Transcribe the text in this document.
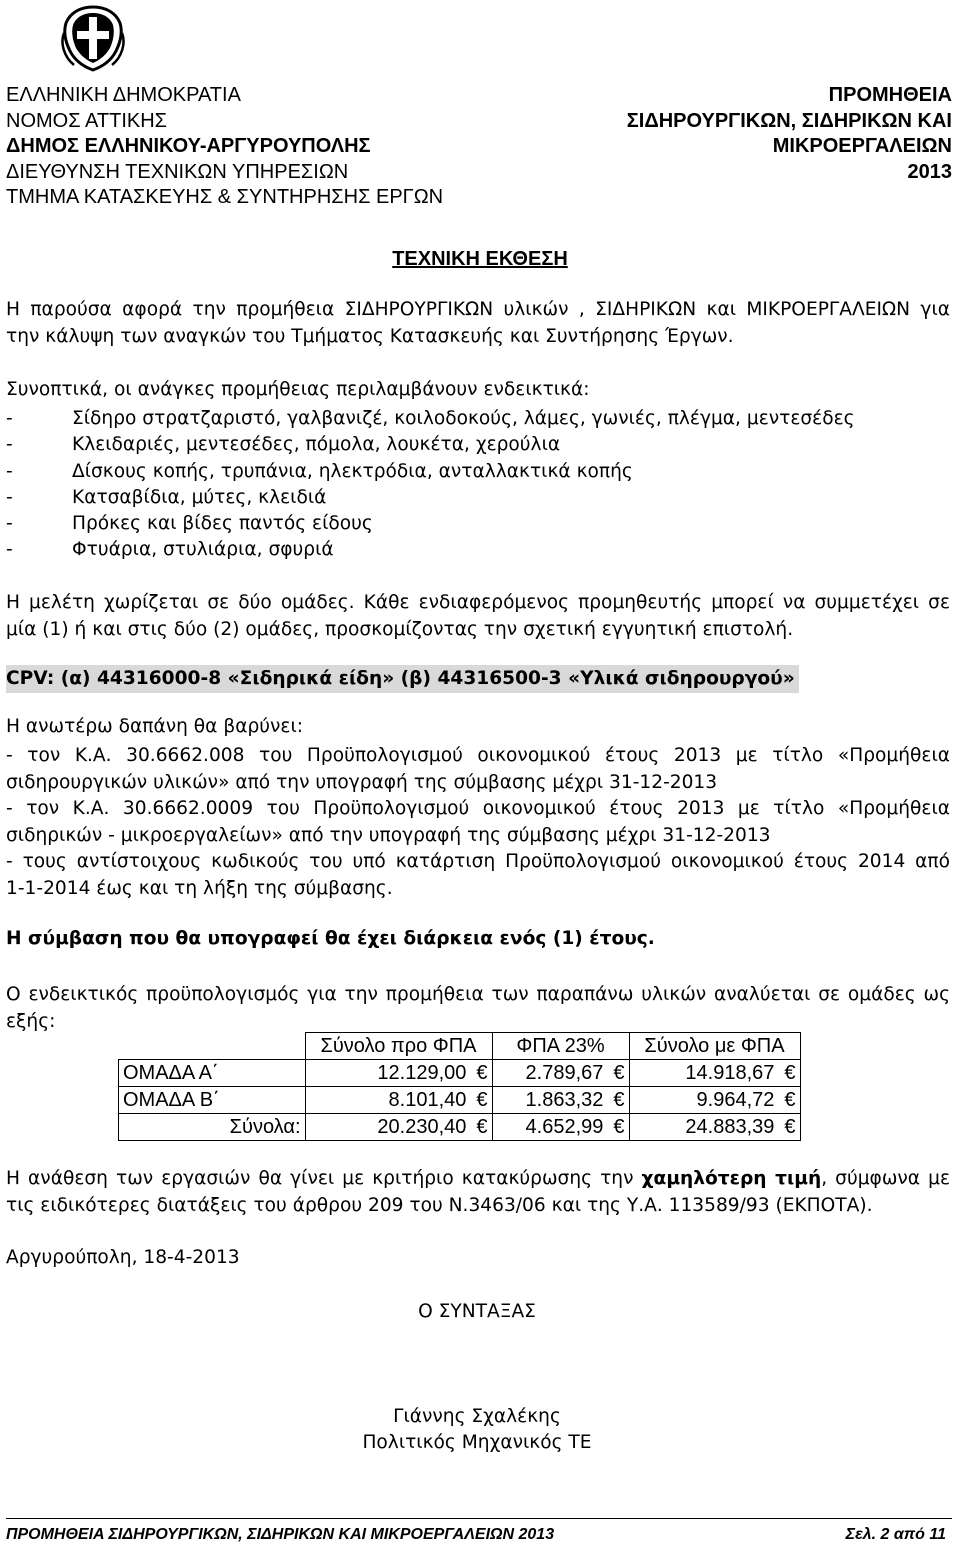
ΕΛΛΗΝΙΚΗ ΔΗΜΟΚΡΑΤΙΑ
ΝΟΜΟΣ ΑΤΤΙΚΗΣ
ΔΗΜΟΣ ΕΛΛΗΝΙΚΟΥ-ΑΡΓΥΡΟΥΠΟΛΗΣ
ΔΙΕΥΘΥΝΣΗ ΤΕΧΝΙΚΩΝ ΥΠΗΡΕΣΙΩΝ
ΤΜΗΜΑ ΚΑΤΑΣΚΕΥΗΣ & ΣΥΝΤΗΡΗΣΗΣ ΕΡΓΩΝ
ΠΡΟΜΗΘΕΙΑ
ΣΙΔΗΡΟΥΡΓΙΚΩΝ, ΣΙΔΗΡΙΚΩΝ ΚΑΙ
ΜΙΚΡΟΕΡΓΑΛΕΙΩΝ
2013
ΤΕΧΝΙΚΗ ΕΚΘΕΣΗ
Η παρούσα αφορά την προμήθεια ΣΙΔΗΡΟΥΡΓΙΚΩΝ υλικών , ΣΙΔΗΡΙΚΩΝ και ΜΙΚΡΟΕΡΓΑΛΕΙΩΝ για
την κάλυψη των αναγκών του Τμήματος Κατασκευής και Συντήρησης Έργων.
Συνοπτικά, οι ανάγκες προμήθειας περιλαμβάνουν ενδεικτικά:
-	Σίδηρο στρατζαριστό, γαλβανιζέ, κοιλοδοκούς, λάμες, γωνιές, πλέγμα, μεντεσέδες
-	Κλειδαριές, μεντεσέδες, πόμολα, λουκέτα, χερούλια
-	Δίσκους κοπής, τρυπάνια, ηλεκτρόδια, ανταλλακτικά κοπής
-	Κατσαβίδια, μύτες, κλειδιά
-	Πρόκες και βίδες παντός είδους
-	Φτυάρια, στυλιάρια, σφυριά
Η μελέτη χωρίζεται σε δύο ομάδες. Κάθε ενδιαφερόμενος προμηθευτής μπορεί να συμμετέχει σε
μία (1) ή και στις δύο (2) ομάδες, προσκομίζοντας την σχετική εγγυητική επιστολή.
CPV: (α) 44316000-8 «Σιδηρικά είδη» (β) 44316500-3 «Υλικά σιδηρουργού»
Η ανωτέρω δαπάνη θα βαρύνει:
- τον Κ.Α. 30.6662.008 του Προϋπολογισμού οικονομικού έτους 2013 με τίτλο «Προμήθεια
σιδηρουργικών υλικών» από την υπογραφή της σύμβασης μέχρι 31-12-2013
- τον Κ.Α. 30.6662.0009 του Προϋπολογισμού οικονομικού έτους 2013 με τίτλο «Προμήθεια
σιδηρικών - μικροεργαλείων» από την υπογραφή της σύμβασης μέχρι 31-12-2013
- τους αντίστοιχους κωδικούς του υπό κατάρτιση Προϋπολογισμού οικονομικού έτους 2014 από
1-1-2014 έως και τη λήξη της σύμβασης.
Η σύμβαση που θα υπογραφεί θα έχει διάρκεια ενός (1) έτους.
Ο ενδεικτικός προϋπολογισμός για την προμήθεια των παραπάνω υλικών αναλύεται σε ομάδες ως
εξής:
	Σύνολο προ ΦΠΑ	ΦΠΑ 23%	Σύνολο με ΦΠΑ
ΟΜΑΔΑ Α΄	12.129,00 €	2.789,67 €	14.918,67 €
ΟΜΑΔΑ Β΄	8.101,40 €	1.863,32 €	9.964,72 €
Σύνολα:	20.230,40 €	4.652,99 €	24.883,39 €
Η ανάθεση των εργασιών θα γίνει με κριτήριο κατακύρωσης την χαμηλότερη τιμή, σύμφωνα με
τις ειδικότερες διατάξεις του άρθρου 209 του Ν.3463/06 και της Υ.Α. 113589/93 (ΕΚΠΟΤΑ).
Αργυρούπολη, 18-4-2013
Ο ΣΥΝΤΑΞΑΣ
Γιάννης Σχαλέκης
Πολιτικός Μηχανικός ΤΕ
ΠΡΟΜΗΘΕΙΑ ΣΙΔΗΡΟΥΡΓΙΚΩΝ, ΣΙΔΗΡΙΚΩΝ ΚΑΙ ΜΙΚΡΟΕΡΓΑΛΕΙΩΝ 2013	Σελ. 2 από 11
